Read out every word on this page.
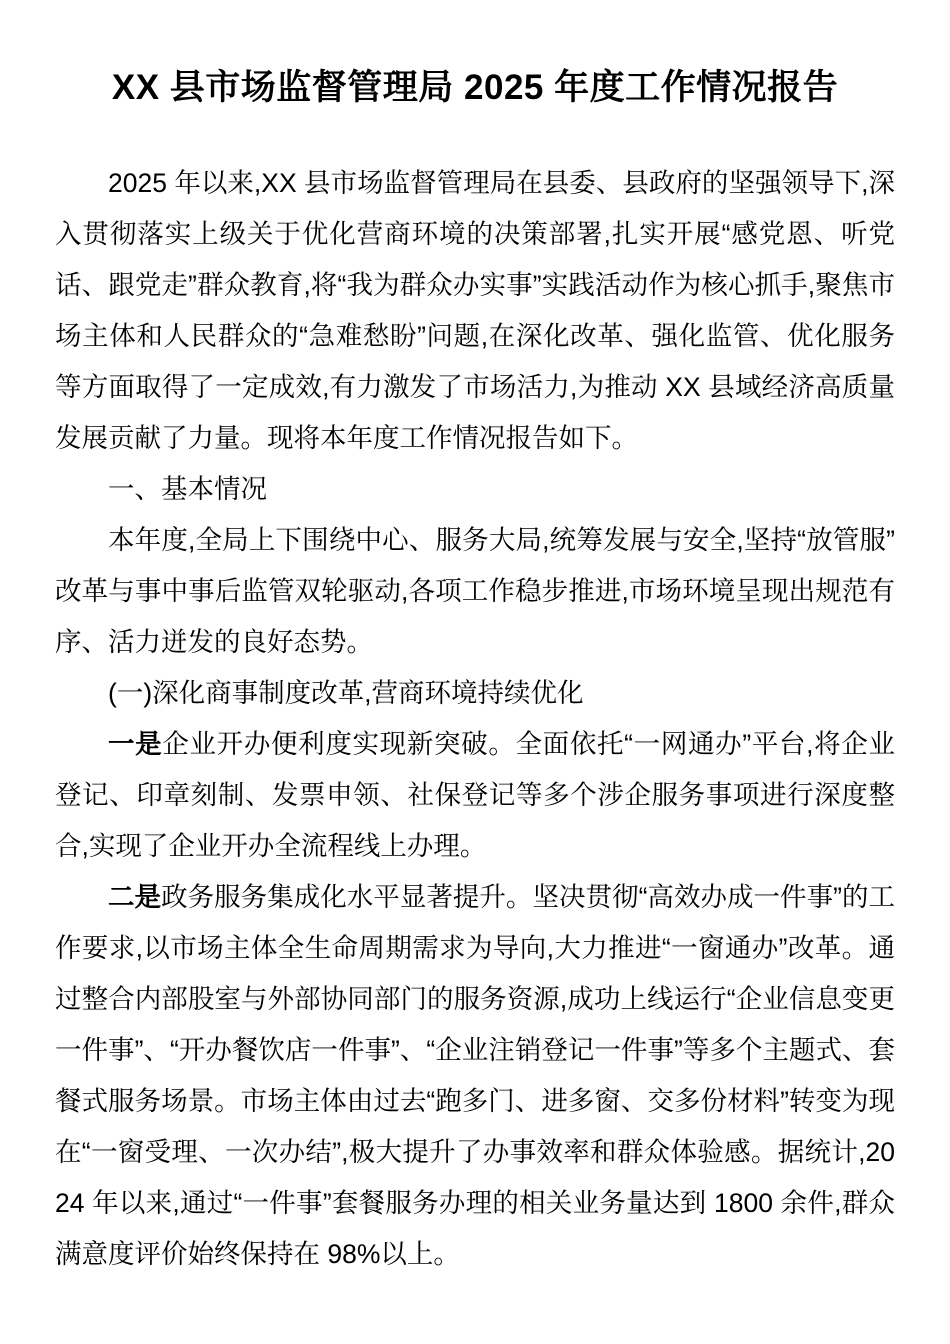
XX 县市场监督管理局 2025 年度工作情况报告

2025 年以来,XX 县市场监督管理局在县委、县政府的坚强领导下,深入贯彻落实上级关于优化营商环境的决策部署,扎实开展“感党恩、听党话、跟党走”群众教育,将“我为群众办实事”实践活动作为核心抓手,聚焦市场主体和人民群众的“急难愁盼”问题,在深化改革、强化监管、优化服务等方面取得了一定成效,有力激发了市场活力,为推动 XX 县域经济高质量发展贡献了力量。现将本年度工作情况报告如下。

一、基本情况

本年度,全局上下围绕中心、服务大局,统筹发展与安全,坚持“放管服”改革与事中事后监管双轮驱动,各项工作稳步推进,市场环境呈现出规范有序、活力迸发的良好态势。

(一)深化商事制度改革,营商环境持续优化

一是企业开办便利度实现新突破。全面依托“一网通办”平台,将企业登记、印章刻制、发票申领、社保登记等多个涉企服务事项进行深度整合,实现了企业开办全流程线上办理。

二是政务服务集成化水平显著提升。坚决贯彻“高效办成一件事”的工作要求,以市场主体全生命周期需求为导向,大力推进“一窗通办”改革。通过整合内部股室与外部协同部门的服务资源,成功上线运行“企业信息变更一件事”、“开办餐饮店一件事”、“企业注销登记一件事”等多个主题式、套餐式服务场景。市场主体由过去“跑多门、进多窗、交多份材料”转变为现在“一窗受理、一次办结”,极大提升了办事效率和群众体验感。据统计,2024 年以来,通过“一件事”套餐服务办理的相关业务量达到 1800 余件,群众满意度评价始终保持在 98%以上。
